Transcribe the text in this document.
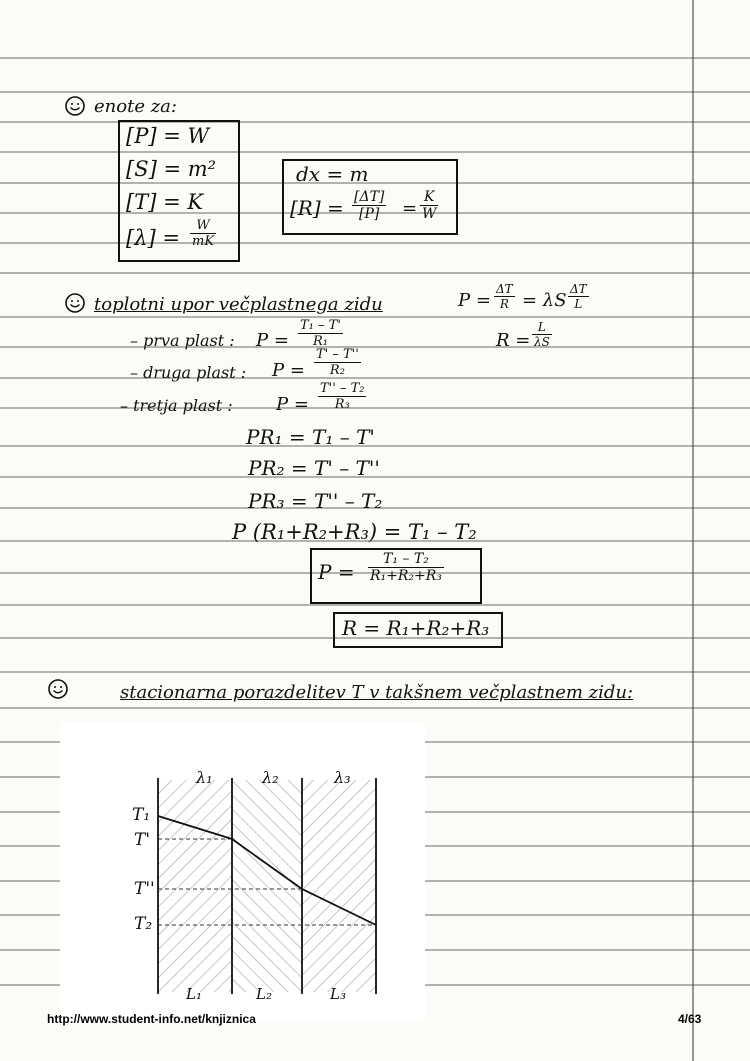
enote za:
[P] = W
[S] = m²
[T] = K
$[\lambda] = \frac{W}{mK}$
dx = m
$[R] = \frac{[\Delta T]}{[P]} = \frac{K}{W}$
toplotni upor večplastnega zidu	$P = \frac{\Delta T}{R} = \lambda S \frac{\Delta T}{L}$
$R = \frac{L}{\lambda S}$
– prva plast : $P = \frac{\text{T₁ – T'}}{\text{R₁}}$
– druga plast : $P = \frac{T' - T''}{\text{R₂}}$
– tretja plast : $P = \frac{\text{T'' – T₂}}{\text{R₃}}$
PR₁ = T₁ – T'
PR₂ = T' – T''
PR₃ = T'' – T₂
P (R₁+R₂+R₃) = T₁ – T₂
$P = \frac{\text{T₁ – T₂}}{\text{R₁+R₂+R₃}}$
R = R₁+R₂+R₃
stacionarna porazdelitev T v takšnem večplastnem zidu:
λ₁	λ₂	λ₃
T₁
T'
T''
T₂
L₁	L₂	L₃
http://www.student-info.net/knjiznica	4/63
